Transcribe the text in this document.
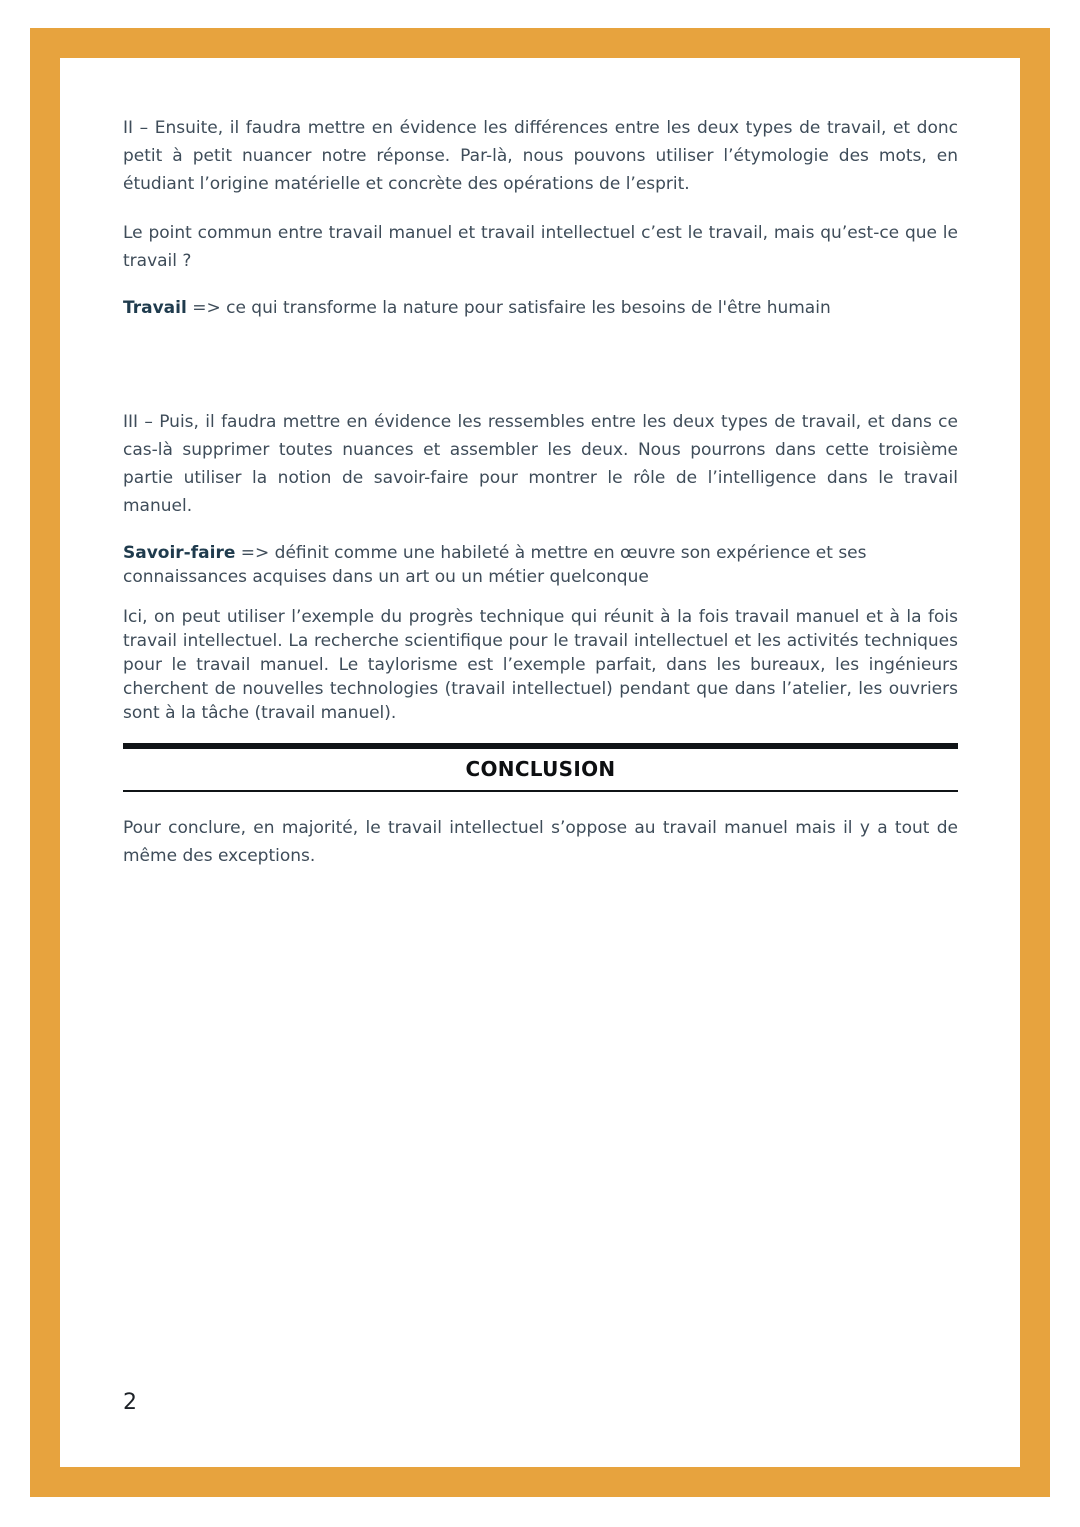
II – Ensuite, il faudra mettre en évidence les différences entre les deux types de travail, et donc petit à petit nuancer notre réponse. Par-là, nous pouvons utiliser l’étymologie des mots, en étudiant l’origine matérielle et concrète des opérations de l’esprit.

Le point commun entre travail manuel et travail intellectuel c’est le travail, mais qu’est-ce que le travail ?

Travail => ce qui transforme la nature pour satisfaire les besoins de l'être humain

III – Puis, il faudra mettre en évidence les ressembles entre les deux types de travail, et dans ce cas-là supprimer toutes nuances et assembler les deux. Nous pourrons dans cette troisième partie utiliser la notion de savoir-faire pour montrer le rôle de l’intelligence dans le travail manuel.

Savoir-faire => définit comme une habileté à mettre en œuvre son expérience et ses connaissances acquises dans un art ou un métier quelconque

Ici, on peut utiliser l’exemple du progrès technique qui réunit à la fois travail manuel et à la fois travail intellectuel. La recherche scientifique pour le travail intellectuel et les activités techniques pour le travail manuel. Le taylorisme est l’exemple parfait, dans les bureaux, les ingénieurs cherchent de nouvelles technologies (travail intellectuel) pendant que dans l’atelier, les ouvriers sont à la tâche (travail manuel).

CONCLUSION

Pour conclure, en majorité, le travail intellectuel s’oppose au travail manuel mais il y a tout de même des exceptions.

2
